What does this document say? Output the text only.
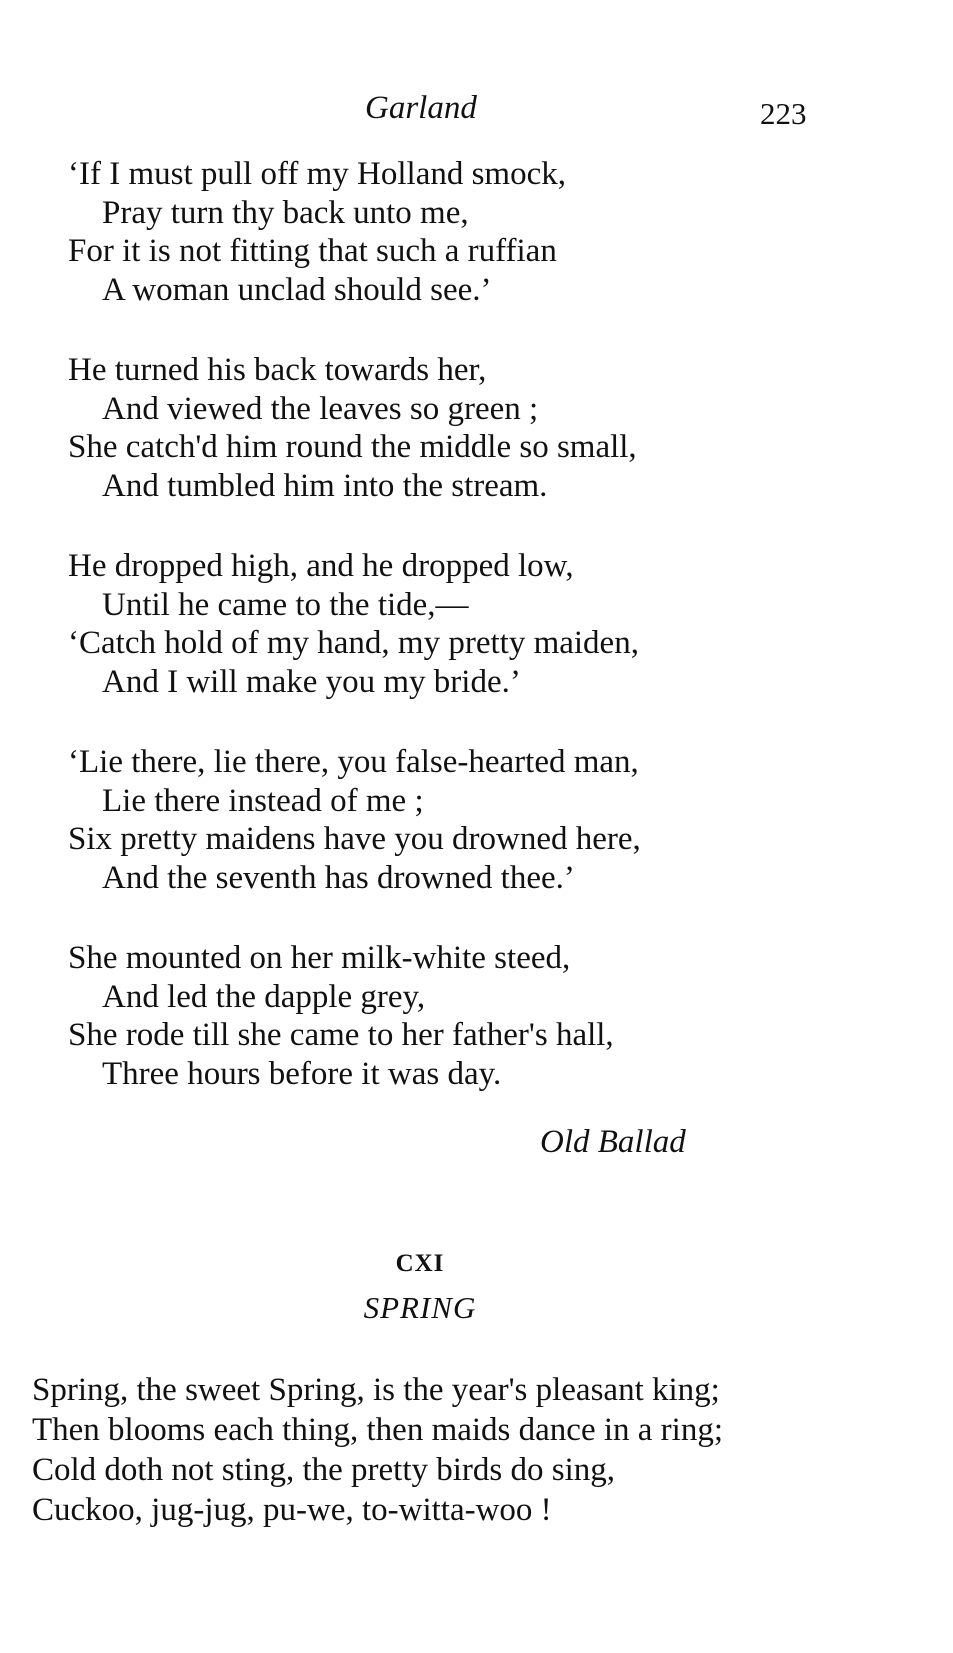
Garland	223
‘If I must pull off my Holland smock,
Pray turn thy back unto me,
For it is not fitting that such a ruffian
A woman unclad should see.’
He turned his back towards her,
And viewed the leaves so green ;
She catch'd him round the middle so small,
And tumbled him into the stream.
He dropped high, and he dropped low,
Until he came to the tide,—
‘Catch hold of my hand, my pretty maiden,
And I will make you my bride.’
‘Lie there, lie there, you false-hearted man,
Lie there instead of me ;
Six pretty maidens have you drowned here,
And the seventh has drowned thee.’
She mounted on her milk-white steed,
And led the dapple grey,
She rode till she came to her father's hall,
Three hours before it was day.
Old Ballad
CXI
SPRING
Spring, the sweet Spring, is the year's pleasant king;
Then blooms each thing, then maids dance in a ring;
Cold doth not sting, the pretty birds do sing,
Cuckoo, jug-jug, pu-we, to-witta-woo !
